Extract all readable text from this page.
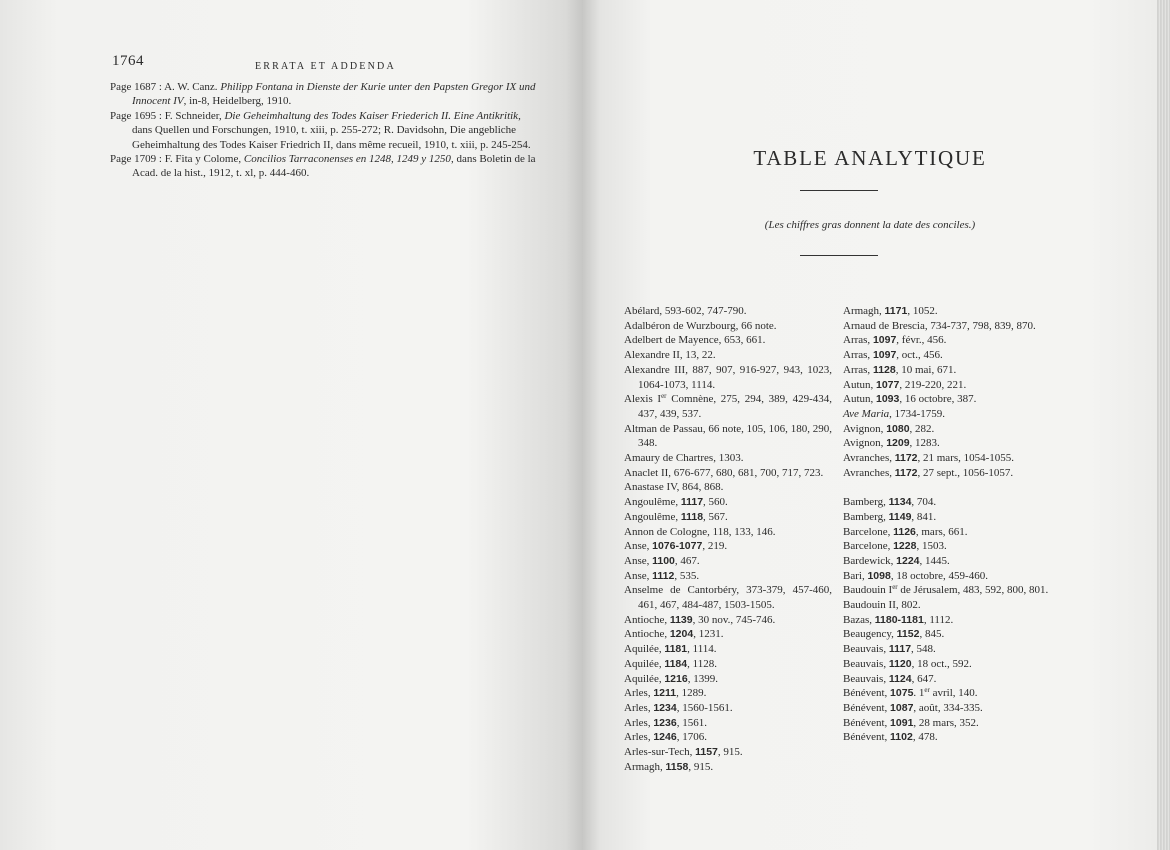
1764	ERRATA ET ADDENDA

Page 1687 : A. W. Canz. Philipp Fontana in Dienste der Kurie unter den Papsten Gregor IX und Innocent IV, in-8, Heidelberg, 1910.

Page 1695 : F. Schneider, Die Geheimhaltung des Todes Kaiser Friederich II. Eine Antikritik, dans Quellen und Forschungen, 1910, t. xiii, p. 255-272; R. Davidsohn, Die angebliche Geheimhaltung des Todes Kaiser Friedrich II, dans même recueil, 1910, t. xiii, p. 245-254.

Page 1709 : F. Fita y Colome, Concilios Tarraconenses en 1248, 1249 y 1250, dans Boletin de la Acad. de la hist., 1912, t. xl, p. 444-460.

TABLE ANALYTIQUE
(Les chiffres gras donnent la date des conciles.)

Abélard, 593-602, 747-790.

Adalbéron de Wurzbourg, 66 note.

Adelbert de Mayence, 653, 661.

Alexandre II, 13, 22.

Alexandre III, 887, 907, 916-927, 943, 1023, 1064-1073, 1114.

Alexis Ier Comnène, 275, 294, 389, 429-434, 437, 439, 537.

Altman de Passau, 66 note, 105, 106, 180, 290, 348.

Amaury de Chartres, 1303.

Anaclet II, 676-677, 680, 681, 700, 717, 723.

Anastase IV, 864, 868.

Angoulême, 1117, 560.

Angoulême, 1118, 567.

Annon de Cologne, 118, 133, 146.

Anse, 1076-1077, 219.

Anse, 1100, 467.

Anse, 1112, 535.

Anselme de Cantorbéry, 373-379, 457-460, 461, 467, 484-487, 1503-1505.

Antioche, 1139, 30 nov., 745-746.

Antioche, 1204, 1231.

Aquilée, 1181, 1114.

Aquilée, 1184, 1128.

Aquilée, 1216, 1399.

Arles, 1211, 1289.

Arles, 1234, 1560-1561.

Arles, 1236, 1561.

Arles, 1246, 1706.

Arles-sur-Tech, 1157, 915.

Armagh, 1158, 915.

Armagh, 1171, 1052.

Arnaud de Brescia, 734-737, 798, 839, 870.

Arras, 1097, févr., 456.

Arras, 1097, oct., 456.

Arras, 1128, 10 mai, 671.

Autun, 1077, 219-220, 221.

Autun, 1093, 16 octobre, 387.

Ave Maria, 1734-1759.

Avignon, 1080, 282.

Avignon, 1209, 1283.

Avranches, 1172, 21 mars, 1054-1055.

Avranches, 1172, 27 sept., 1056-1057.

Bamberg, 1134, 704.

Bamberg, 1149, 841.

Barcelone, 1126, mars, 661.

Barcelone, 1228, 1503.

Bardewick, 1224, 1445.

Bari, 1098, 18 octobre, 459-460.

Baudouin Ier de Jérusalem, 483, 592, 800, 801.

Baudouin II, 802.

Bazas, 1180-1181, 1112.

Beaugency, 1152, 845.

Beauvais, 1117, 548.

Beauvais, 1120, 18 oct., 592.

Beauvais, 1124, 647.

Bénévent, 1075. 1er avril, 140.

Bénévent, 1087, août, 334-335.

Bénévent, 1091, 28 mars, 352.

Bénévent, 1102, 478.
